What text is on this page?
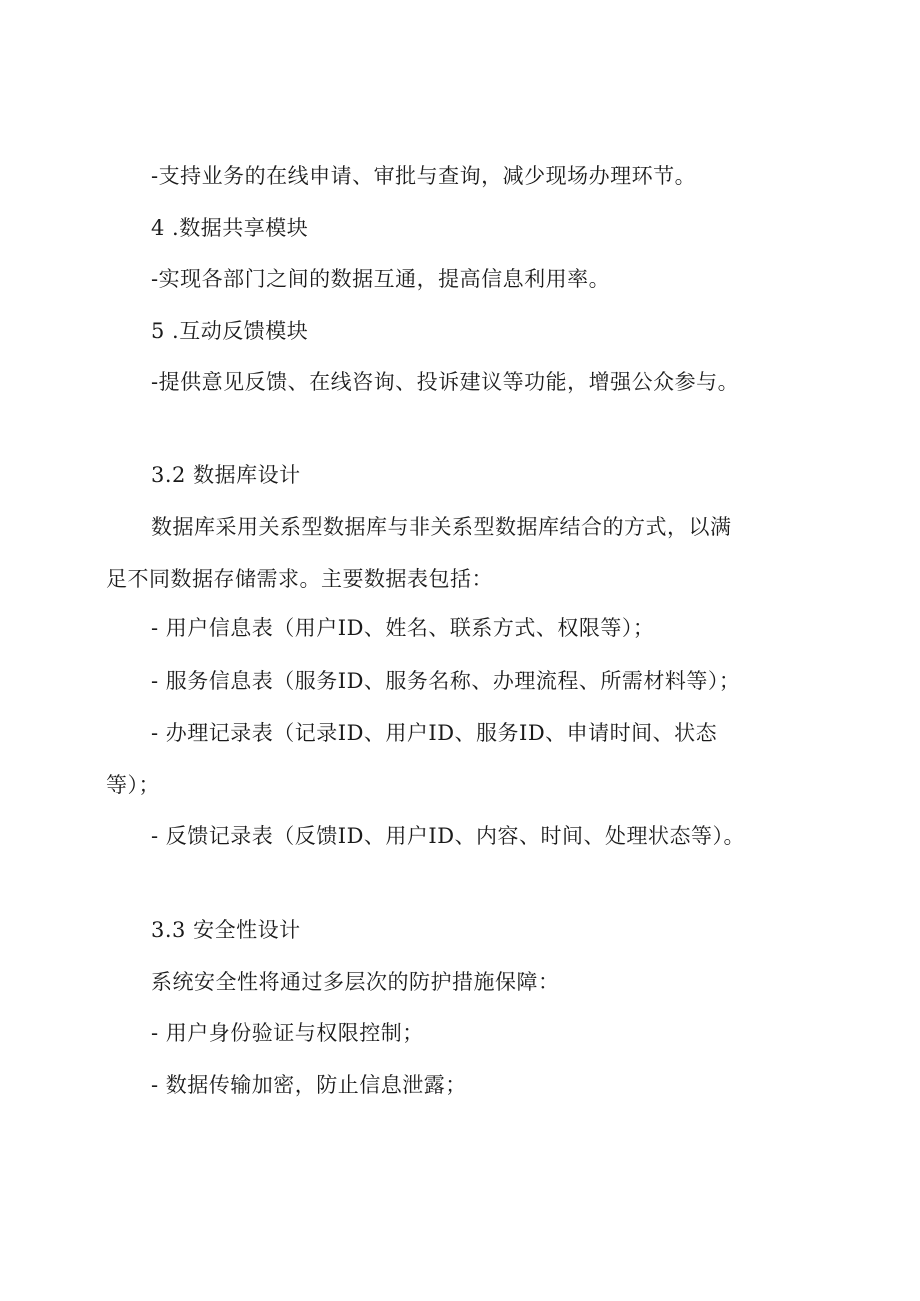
-支持业务的在线申请、审批与查询，减少现场办理环节。
4 .数据共享模块
-实现各部门之间的数据互通，提高信息利用率。
5 .互动反馈模块
-提供意见反馈、在线咨询、投诉建议等功能，增强公众参与。
3.2 数据库设计
数据库采用关系型数据库与非关系型数据库结合的方式，以满
足不同数据存储需求。主要数据表包括：
- 用户信息表（用户ID、姓名、联系方式、权限等）；
- 服务信息表（服务ID、服务名称、办理流程、所需材料等）；
- 办理记录表（记录ID、用户ID、服务ID、申请时间、状态
等）；
- 反馈记录表（反馈ID、用户ID、内容、时间、处理状态等）。
3.3 安全性设计
系统安全性将通过多层次的防护措施保障：
- 用户身份验证与权限控制；
- 数据传输加密，防止信息泄露；
